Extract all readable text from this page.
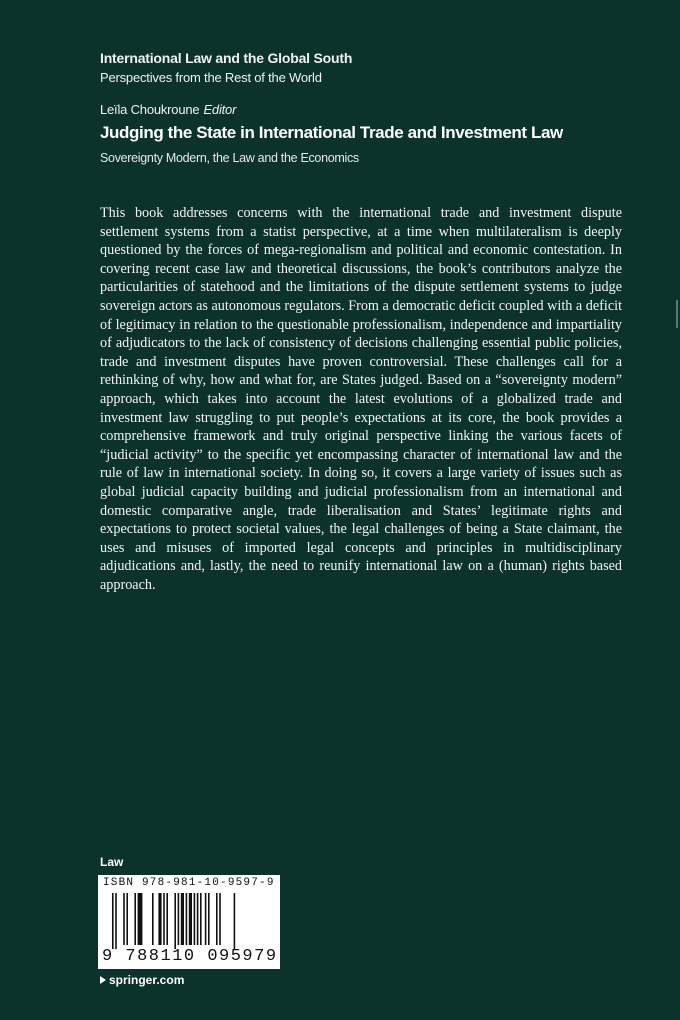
International Law and the Global South
Perspectives from the Rest of the World
Leïla Choukroune Editor
Judging the State in International Trade and Investment Law
Sovereignty Modern, the Law and the Economics

This book addresses concerns with the international trade and investment dispute settlement systems from a statist perspective, at a time when multilateralism is deeply questioned by the forces of mega-regionalism and political and economic contestation. In covering recent case law and theoretical discussions, the book’s contributors analyze the particularities of statehood and the limitations of the dispute settlement systems to judge sovereign actors as autonomous regulators. From a democratic deficit coupled with a deficit of legitimacy in relation to the questionable professionalism, independence and impartiality of adjudicators to the lack of consistency of decisions challenging essential public policies, trade and investment disputes have proven controversial. These challenges call for a rethinking of why, how and what for, are States judged. Based on a “sovereignty modern” approach, which takes into account the latest evolutions of a globalized trade and investment law struggling to put people’s expectations at its core, the book provides a comprehensive framework and truly original perspective linking the various facets of “judicial activity” to the specific yet encompassing character of international law and the rule of law in international society. In doing so, it covers a large variety of issues such as global judicial capacity building and judicial professionalism from an international and domestic comparative angle, trade liberalisation and States’ legitimate rights and expectations to protect societal values, the legal challenges of being a State claimant, the uses and misuses of imported legal concepts and principles in multidisciplinary adjudications and, lastly, the need to reunify international law on a (human) rights based approach.

Law
ISBN 978-981-10-9597-9
9 788110 095979
springer.com
